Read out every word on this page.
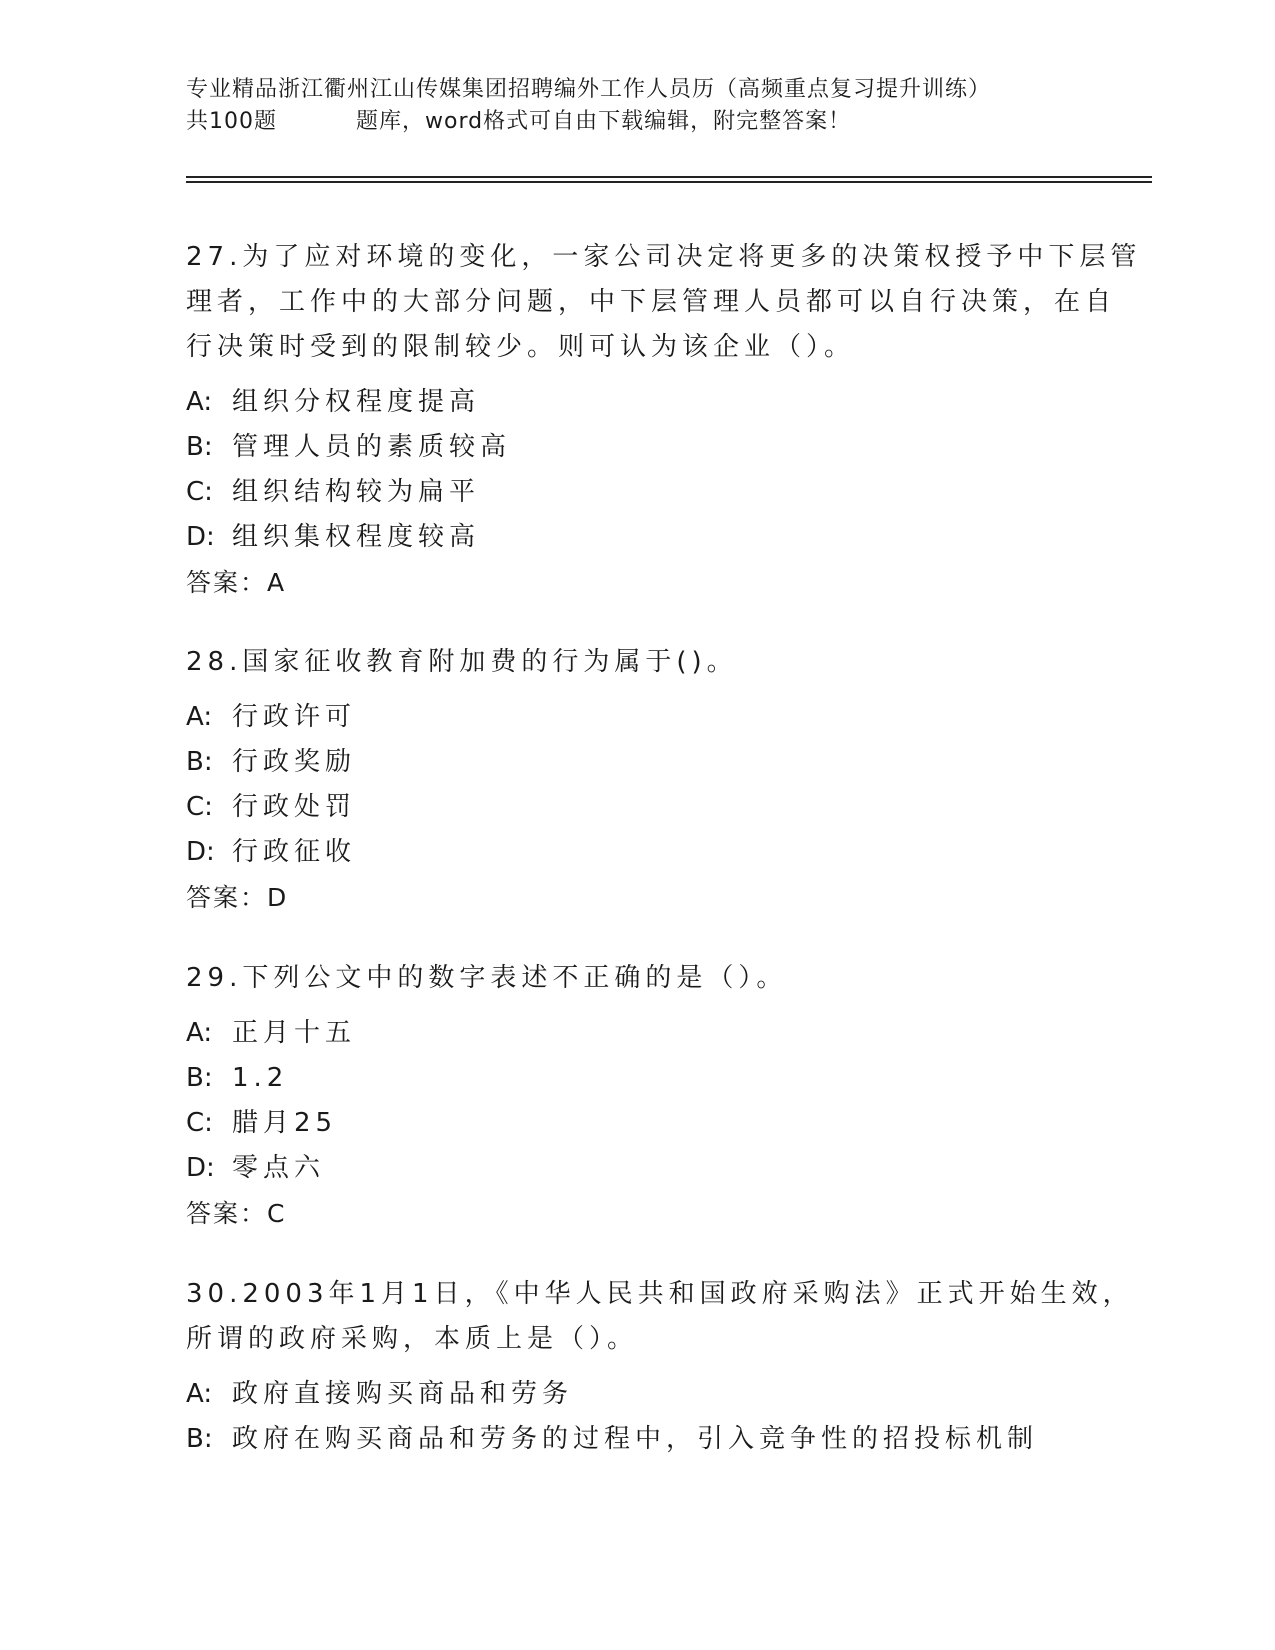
专业精品浙江衢州江山传媒集团招聘编外工作人员历（高频重点复习提升训练）
共100题	题库，word格式可自由下载编辑，附完整答案！
27.为了应对环境的变化，一家公司决定将更多的决策权授予中下层管
理者，工作中的大部分问题，中下层管理人员都可以自行决策，在自
行决策时受到的限制较少。则可认为该企业（）。
A: 组织分权程度提高
B: 管理人员的素质较高
C: 组织结构较为扁平
D: 组织集权程度较高
答案：A
28.国家征收教育附加费的行为属于()。
A: 行政许可
B: 行政奖励
C: 行政处罚
D: 行政征收
答案：D
29.下列公文中的数字表述不正确的是（）。
A: 正月十五
B: 1.2
C: 腊月25
D: 零点六
答案：C
30.2003年1月1日，《中华人民共和国政府采购法》正式开始生效，
所谓的政府采购，本质上是（）。
A: 政府直接购买商品和劳务
B: 政府在购买商品和劳务的过程中，引入竞争性的招投标机制
